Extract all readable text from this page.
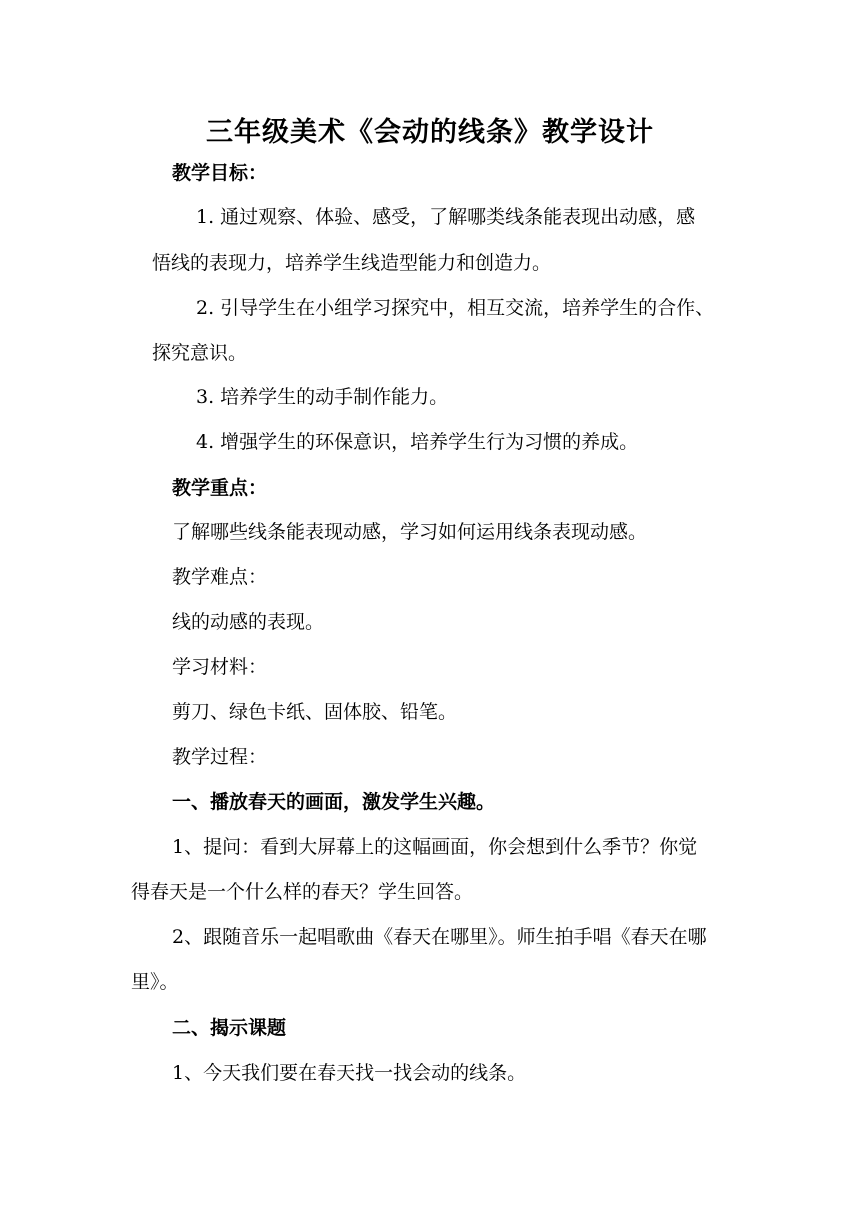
三年级美术《会动的线条》教学设计
教学目标：
1. 通过观察、体验、感受，了解哪类线条能表现出动感，感
悟线的表现力，培养学生线造型能力和创造力。
2. 引导学生在小组学习探究中，相互交流，培养学生的合作、
探究意识。
3. 培养学生的动手制作能力。
4. 增强学生的环保意识，培养学生行为习惯的养成。
教学重点：
了解哪些线条能表现动感，学习如何运用线条表现动感。
教学难点：
线的动感的表现。
学习材料：
剪刀、绿色卡纸、固体胶、铅笔。
教学过程：
一、播放春天的画面，激发学生兴趣。
1、提问：看到大屏幕上的这幅画面，你会想到什么季节？你觉
得春天是一个什么样的春天？学生回答。
2、跟随音乐一起唱歌曲《春天在哪里》。师生拍手唱《春天在哪
里》。
二、揭示课题
1、今天我们要在春天找一找会动的线条。
